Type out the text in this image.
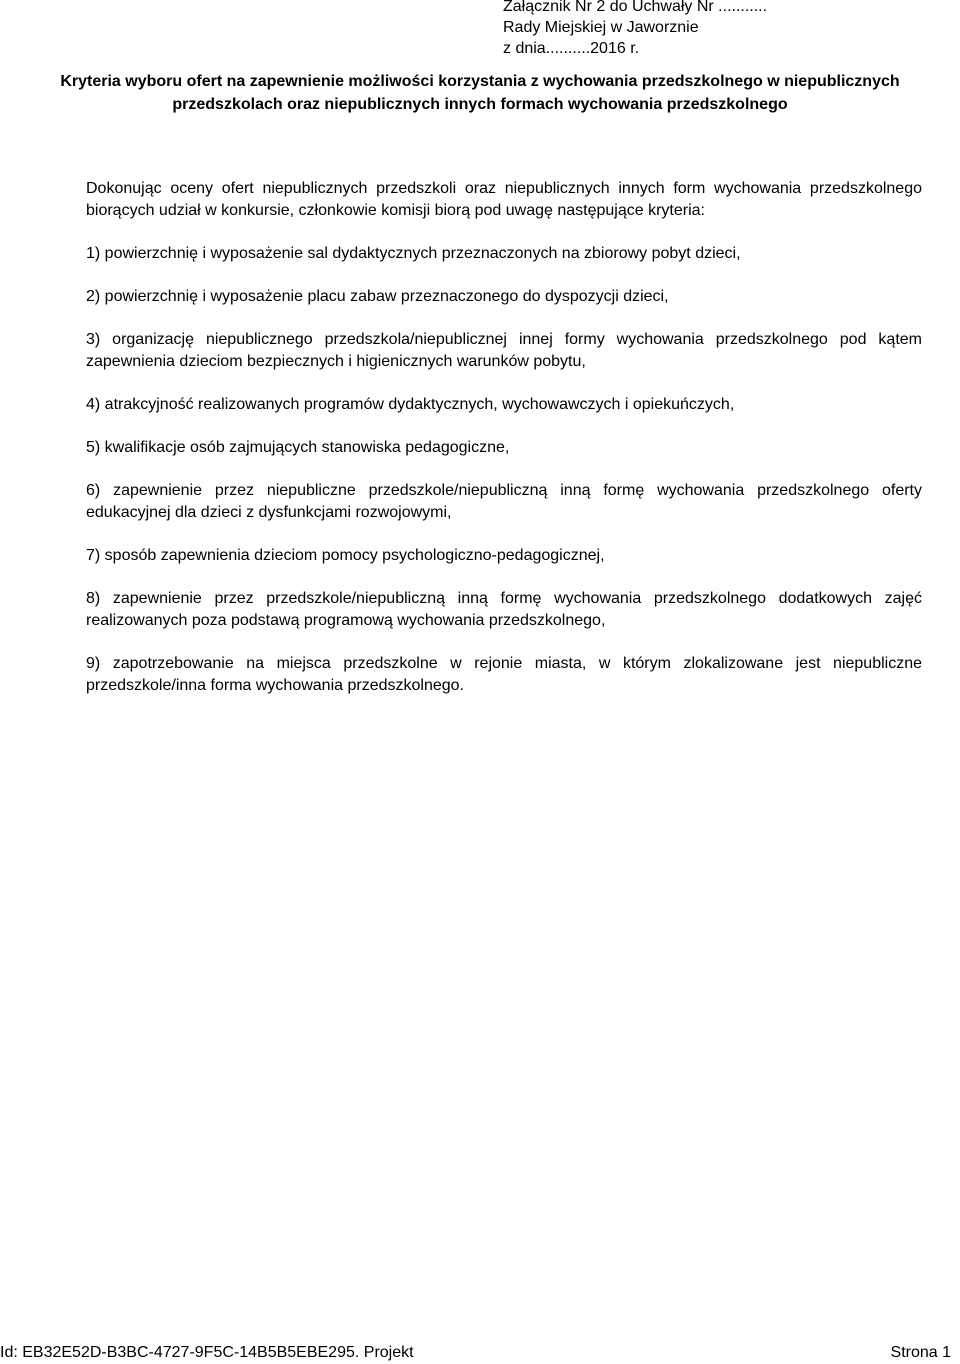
Załącznik Nr 2 do Uchwały Nr ...........
Rady Miejskiej w Jaworznie
z dnia..........2016 r.
Kryteria wyboru ofert na zapewnienie możliwości korzystania z wychowania przedszkolnego w niepublicznych przedszkolach oraz niepublicznych innych formach wychowania przedszkolnego

Dokonując oceny ofert niepublicznych przedszkoli oraz niepublicznych innych form wychowania przedszkolnego biorących udział w konkursie, członkowie komisji biorą pod uwagę następujące kryteria:

1) powierzchnię i wyposażenie sal dydaktycznych przeznaczonych na zbiorowy pobyt dzieci,
2) powierzchnię i wyposażenie placu zabaw przeznaczonego do dyspozycji dzieci,
3) organizację niepublicznego przedszkola/niepublicznej innej formy wychowania przedszkolnego pod kątem zapewnienia dzieciom bezpiecznych i higienicznych warunków pobytu,
4) atrakcyjność realizowanych programów dydaktycznych, wychowawczych i opiekuńczych,
5) kwalifikacje osób zajmujących stanowiska pedagogiczne,
6) zapewnienie przez niepubliczne przedszkole/niepubliczną inną formę wychowania przedszkolnego oferty edukacyjnej dla dzieci z dysfunkcjami rozwojowymi,
7) sposób zapewnienia dzieciom pomocy psychologiczno-pedagogicznej,
8) zapewnienie przez przedszkole/niepubliczną inną formę wychowania przedszkolnego dodatkowych zajęć realizowanych poza podstawą programową wychowania przedszkolnego,
9) zapotrzebowanie na miejsca przedszkolne w rejonie miasta, w którym zlokalizowane jest niepubliczne przedszkole/inna forma wychowania przedszkolnego.
Id: EB32E52D-B3BC-4727-9F5C-14B5B5EBE295. Projekt	Strona 1
